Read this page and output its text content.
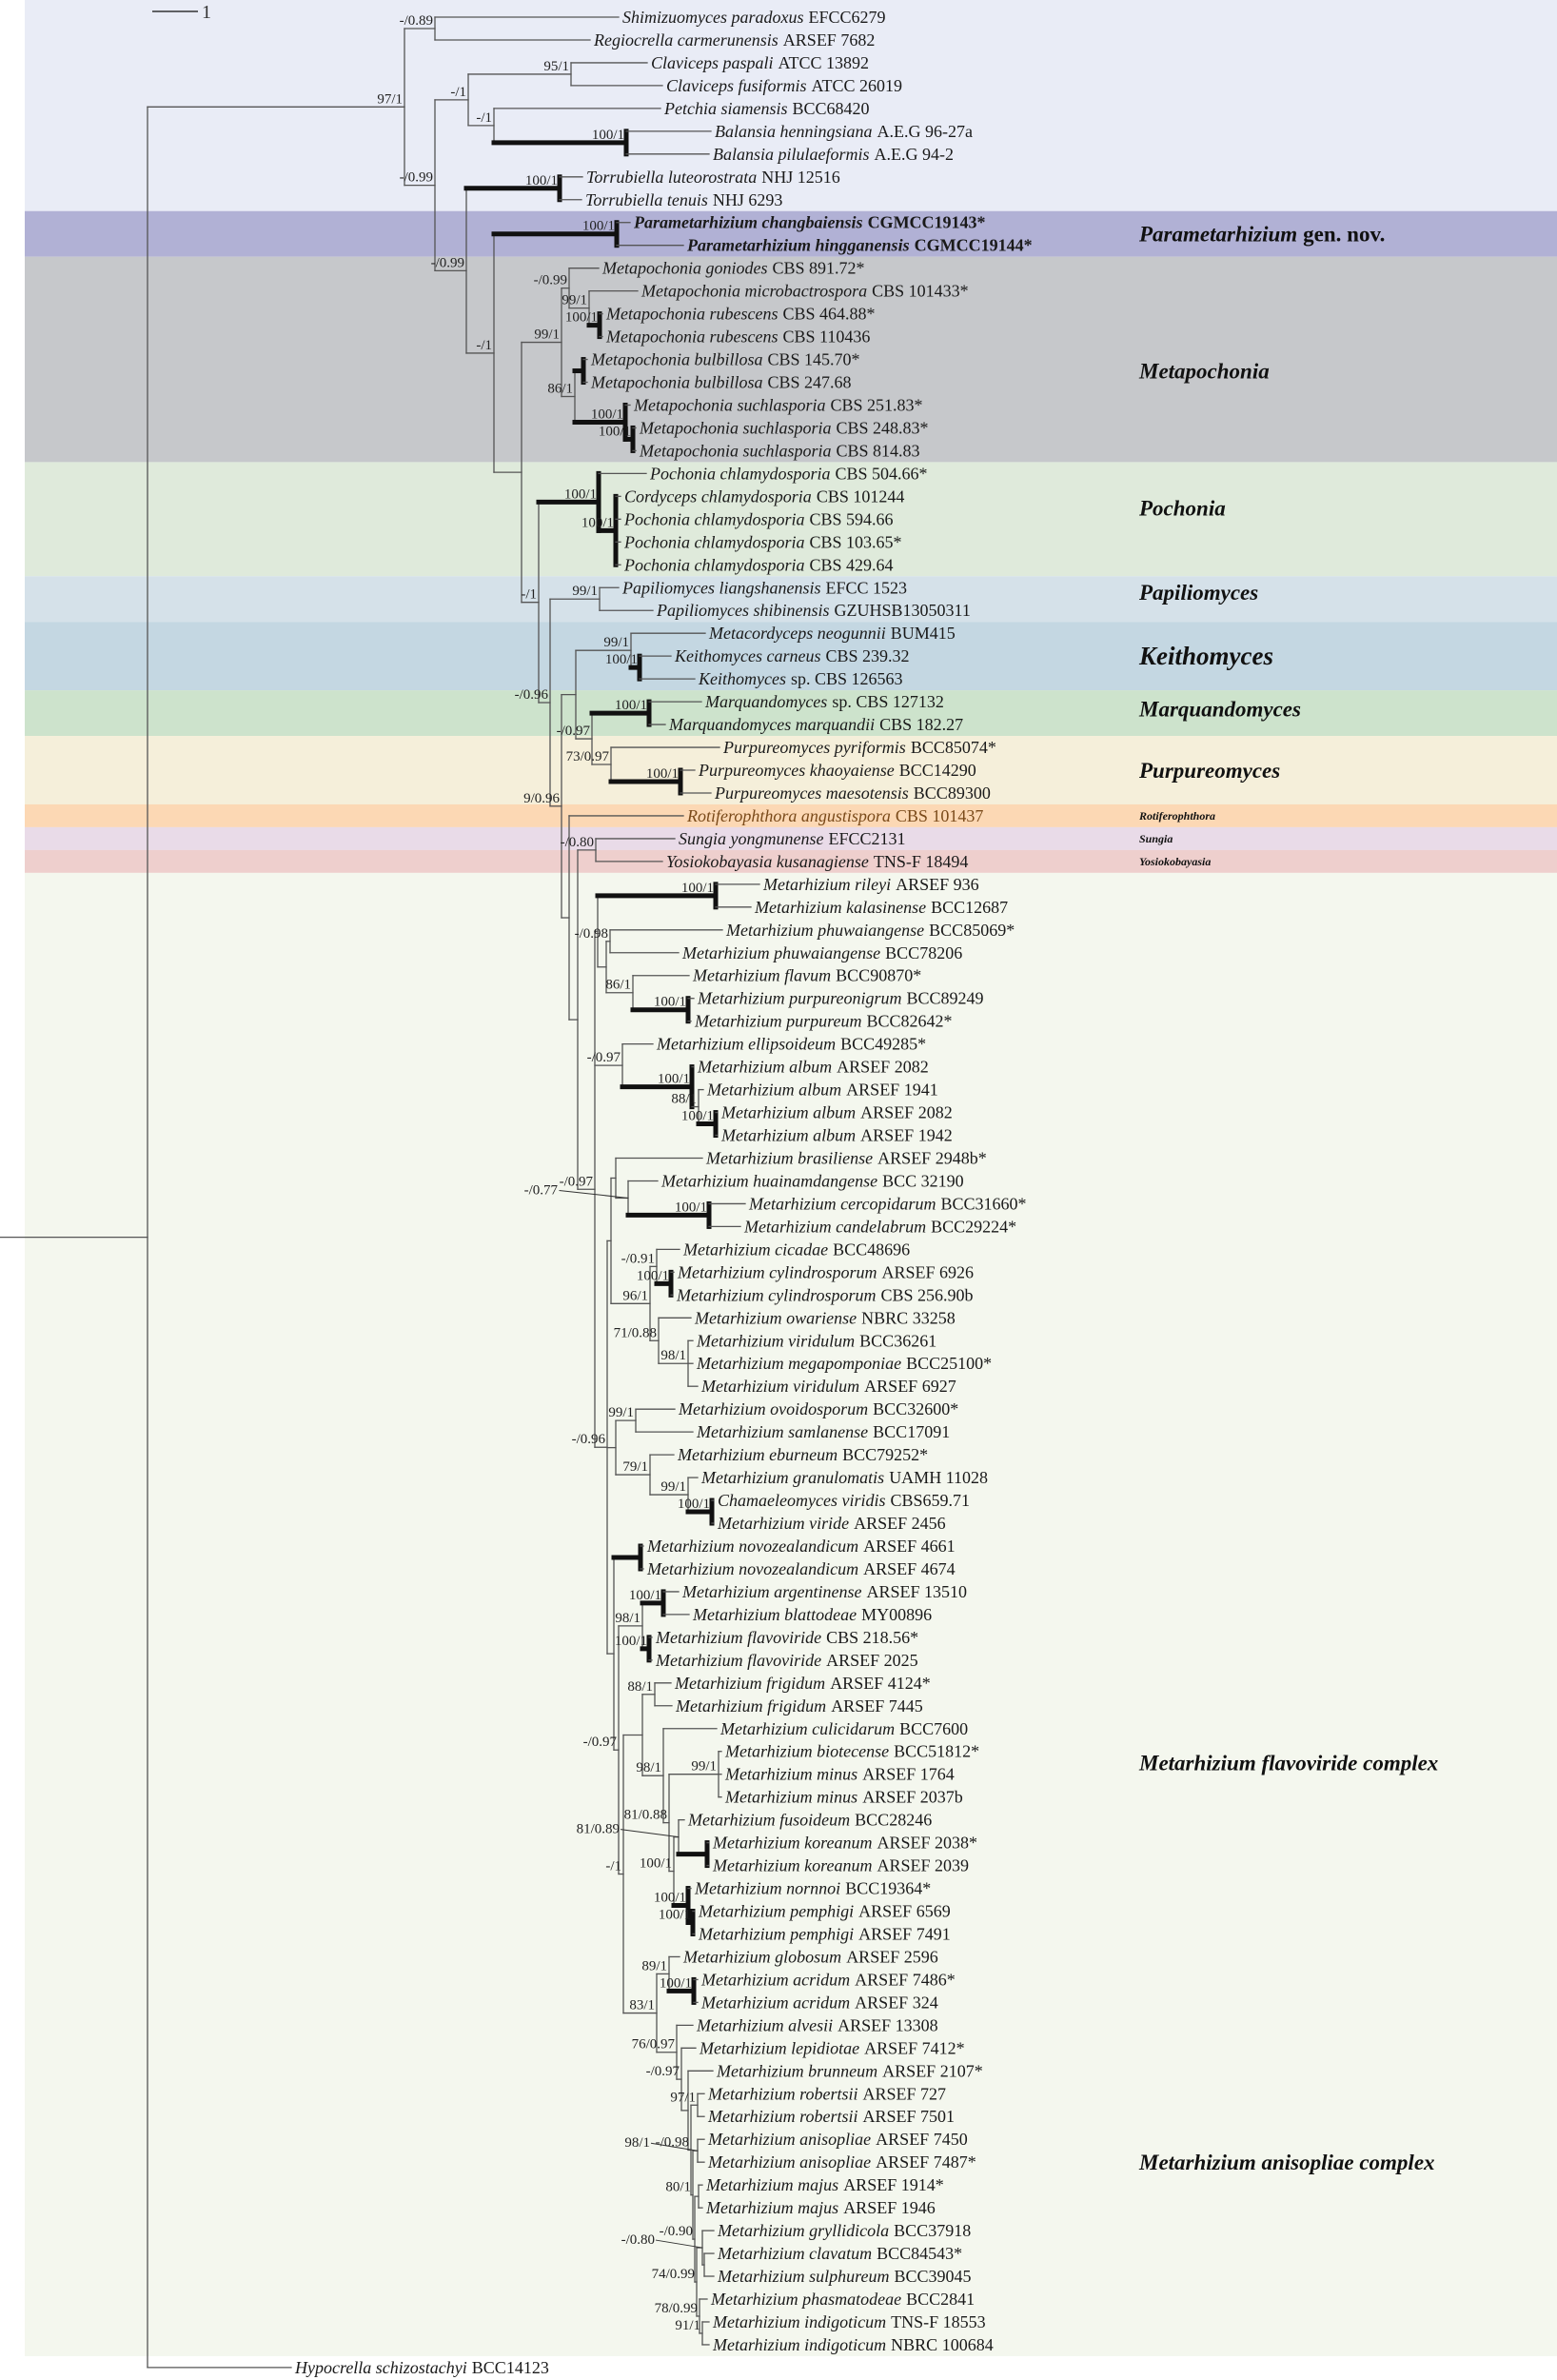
1	Shimizuomyces paradoxus EFCC6279
Regiocrella carmerunensis ARSEF 7682
Claviceps paspali ATCC 13892
Claviceps fusiformis ATCC 26019
Petchia siamensis BCC68420
Balansia henningsiana A.E.G 96-27a
Balansia pilulaeformis A.E.G 94-2
Torrubiella luteorostrata NHJ 12516
Torrubiella tenuis NHJ 6293
Parametarhizium changbaiensis CGMCC19143*
Parametarhizium hingganensis CGMCC19144*
Metapochonia goniodes CBS 891.72*
Metapochonia microbactrospora CBS 101433*
Metapochonia rubescens CBS 464.88*
Metapochonia rubescens CBS 110436
Metapochonia bulbillosa CBS 145.70*
Metapochonia bulbillosa CBS 247.68
Metapochonia suchlasporia CBS 251.83*
Metapochonia suchlasporia CBS 248.83*
Metapochonia suchlasporia CBS 814.83
Pochonia chlamydosporia CBS 504.66*
Cordyceps chlamydosporia CBS 101244
Pochonia chlamydosporia CBS 594.66
Pochonia chlamydosporia CBS 103.65*
Pochonia chlamydosporia CBS 429.64
Papiliomyces liangshanensis EFCC 1523
Papiliomyces shibinensis GZUHSB13050311
Metacordyceps neogunnii BUM415
Keithomyces carneus CBS 239.32
Keithomyces sp. CBS 126563
Marquandomyces sp. CBS 127132
Marquandomyces marquandii CBS 182.27
Purpureomyces pyriformis BCC85074*
Purpureomyces khaoyaiense BCC14290
Purpureomyces maesotensis BCC89300
Rotiferophthora angustispora CBS 101437
Sungia yongmunense EFCC2131
Yosiokobayasia kusanagiense TNS-F 18494
Metarhizium rileyi ARSEF 936
Metarhizium kalasinense BCC12687
Metarhizium phuwaiangense BCC85069*
Metarhizium phuwaiangense BCC78206
Metarhizium flavum BCC90870*
Metarhizium purpureonigrum BCC89249
Metarhizium purpureum BCC82642*
Metarhizium ellipsoideum BCC49285*
Metarhizium album ARSEF 2082
Metarhizium album ARSEF 1941
Metarhizium album ARSEF 2082
Metarhizium album ARSEF 1942
Metarhizium brasiliense ARSEF 2948b*
Metarhizium huainamdangense BCC 32190
Metarhizium cercopidarum BCC31660*
Metarhizium candelabrum BCC29224*
Metarhizium cicadae BCC48696
Metarhizium cylindrosporum ARSEF 6926
Metarhizium cylindrosporum CBS 256.90b
Metarhizium owariense NBRC 33258
Metarhizium viridulum BCC36261
Metarhizium megapomponiae BCC25100*
Metarhizium viridulum ARSEF 6927
Metarhizium ovoidosporum BCC32600*
Metarhizium samlanense BCC17091
Metarhizium eburneum BCC79252*
Metarhizium granulomatis UAMH 11028
Chamaeleomyces viridis CBS659.71
Metarhizium viride ARSEF 2456
Metarhizium novozealandicum ARSEF 4661
Metarhizium novozealandicum ARSEF 4674
Metarhizium argentinense ARSEF 13510
Metarhizium blattodeae MY00896
Metarhizium flavoviride CBS 218.56*
Metarhizium flavoviride ARSEF 2025
Metarhizium frigidum ARSEF 4124*
Metarhizium frigidum ARSEF 7445
Metarhizium culicidarum BCC7600
Metarhizium biotecense BCC51812*
Metarhizium minus ARSEF 1764
Metarhizium minus ARSEF 2037b
Metarhizium fusoideum BCC28246
Metarhizium koreanum ARSEF 2038*
Metarhizium koreanum ARSEF 2039
Metarhizium nornnoi BCC19364*
Metarhizium pemphigi ARSEF 6569
Metarhizium pemphigi ARSEF 7491
Metarhizium globosum ARSEF 2596
Metarhizium acridum ARSEF 7486*
Metarhizium acridum ARSEF 324
Metarhizium alvesii ARSEF 13308
Metarhizium lepidiotae ARSEF 7412*
Metarhizium brunneum ARSEF 2107*
Metarhizium robertsii ARSEF 727
Metarhizium robertsii ARSEF 7501
Metarhizium anisopliae ARSEF 7450
Metarhizium anisopliae ARSEF 7487*
Metarhizium majus ARSEF 1914*
Metarhizium majus ARSEF 1946
Metarhizium gryllidicola BCC37918
Metarhizium clavatum BCC84543*
Metarhizium sulphureum BCC39045
Metarhizium phasmatodeae BCC2841
Metarhizium indigoticum TNS-F 18553
Metarhizium indigoticum NBRC 100684
Hypocrella schizostachyi BCC14123
97/1
-/0.89
-/0.99
-/1
95/1
-/1
100/1
-/0.99
100/1
-/1
100/1
99/1
-/0.99
99/1
100/1
86/1
100/1
100/1
-/1
100/1
100/1
-/0.96
99/1
9/0.96
99/1
100/1
-/0.97
100/1
73/0.97
100/1
-/0.80
-/0.97
100/1
-/0.98
86/1
100/1
-/0.97
100/1
88/1
100/1
-/0.96
-/0.77
100/1
96/1
-/0.91
100/1
71/0.88
98/1
99/1
79/1
99/1
100/1
-/0.97
98/1
100/1
100/1
-/1
88/1
98/1
81/0.88
99/1
100/1
81/0.89
100/1
100/1
83/1
89/1
100/1
76/0.97
-/0.97
-/0.98
97/1
80/1
98/1
-/0.90
74/0.99
-/0.80
78/0.99
91/1
Parametarhizium gen. nov.
Metapochonia
Pochonia
Papiliomyces
Keithomyces
Marquandomyces
Purpureomyces
Rotiferophthora
Sungia
Yosiokobayasia
Metarhizium flavoviride complex
Metarhizium anisopliae complex
